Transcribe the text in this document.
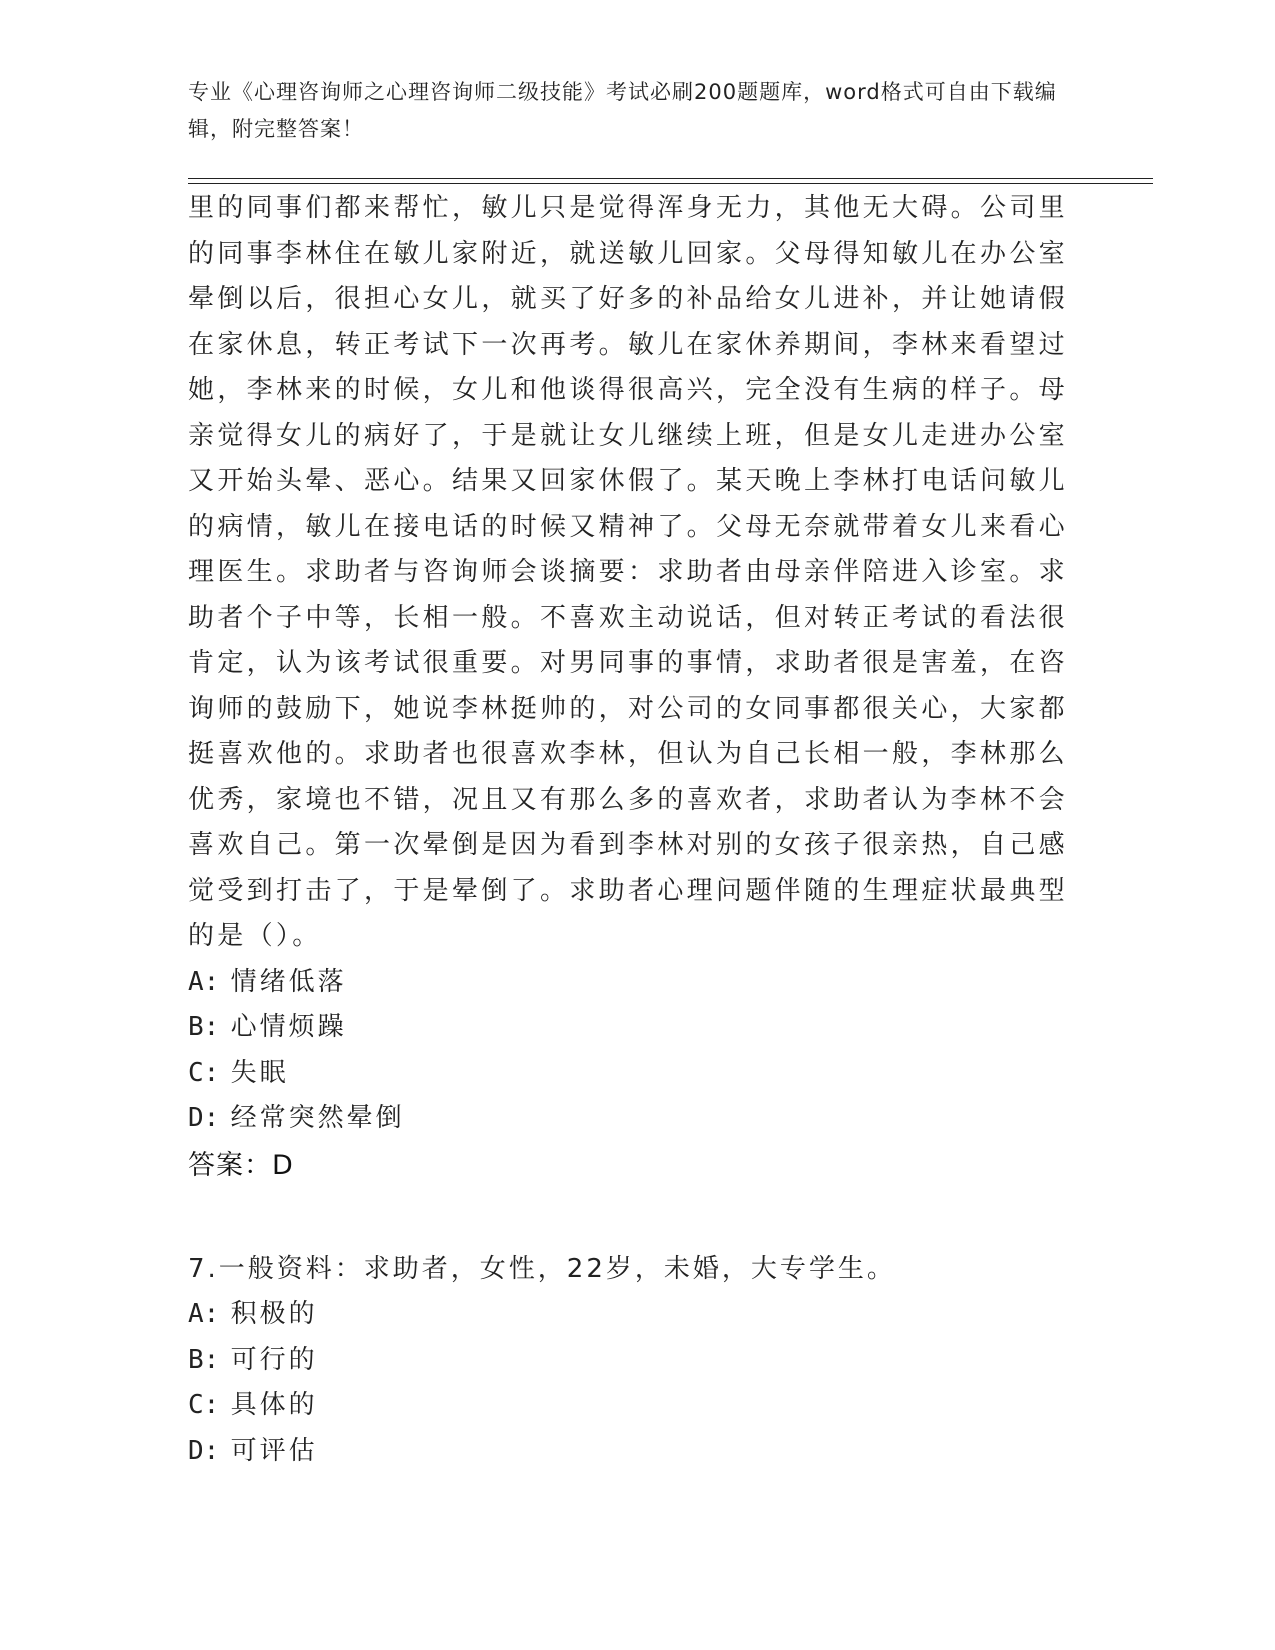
专业《心理咨询师之心理咨询师二级技能》考试必刷200题题库，word格式可自由下载编辑，附完整答案！

里的同事们都来帮忙，敏儿只是觉得浑身无力，其他无大碍。公司里的同事李林住在敏儿家附近，就送敏儿回家。父母得知敏儿在办公室晕倒以后，很担心女儿，就买了好多的补品给女儿进补，并让她请假在家休息，转正考试下一次再考。敏儿在家休养期间，李林来看望过她，李林来的时候，女儿和他谈得很高兴，完全没有生病的样子。母亲觉得女儿的病好了，于是就让女儿继续上班，但是女儿走进办公室又开始头晕、恶心。结果又回家休假了。某天晚上李林打电话问敏儿的病情，敏儿在接电话的时候又精神了。父母无奈就带着女儿来看心理医生。求助者与咨询师会谈摘要：求助者由母亲伴陪进入诊室。求助者个子中等，长相一般。不喜欢主动说话，但对转正考试的看法很肯定，认为该考试很重要。对男同事的事情，求助者很是害羞，在咨询师的鼓励下，她说李林挺帅的，对公司的女同事都很关心，大家都挺喜欢他的。求助者也很喜欢李林，但认为自己长相一般，李林那么优秀，家境也不错，况且又有那么多的喜欢者，求助者认为李林不会喜欢自己。第一次晕倒是因为看到李林对别的女孩子很亲热，自己感觉受到打击了，于是晕倒了。求助者心理问题伴随的生理症状最典型的是（）。

A: 情绪低落

B: 心情烦躁

C: 失眠

D: 经常突然晕倒

答案：D

7.一般资料：求助者，女性，22岁，未婚，大专学生。

A: 积极的

B: 可行的

C: 具体的

D: 可评估
